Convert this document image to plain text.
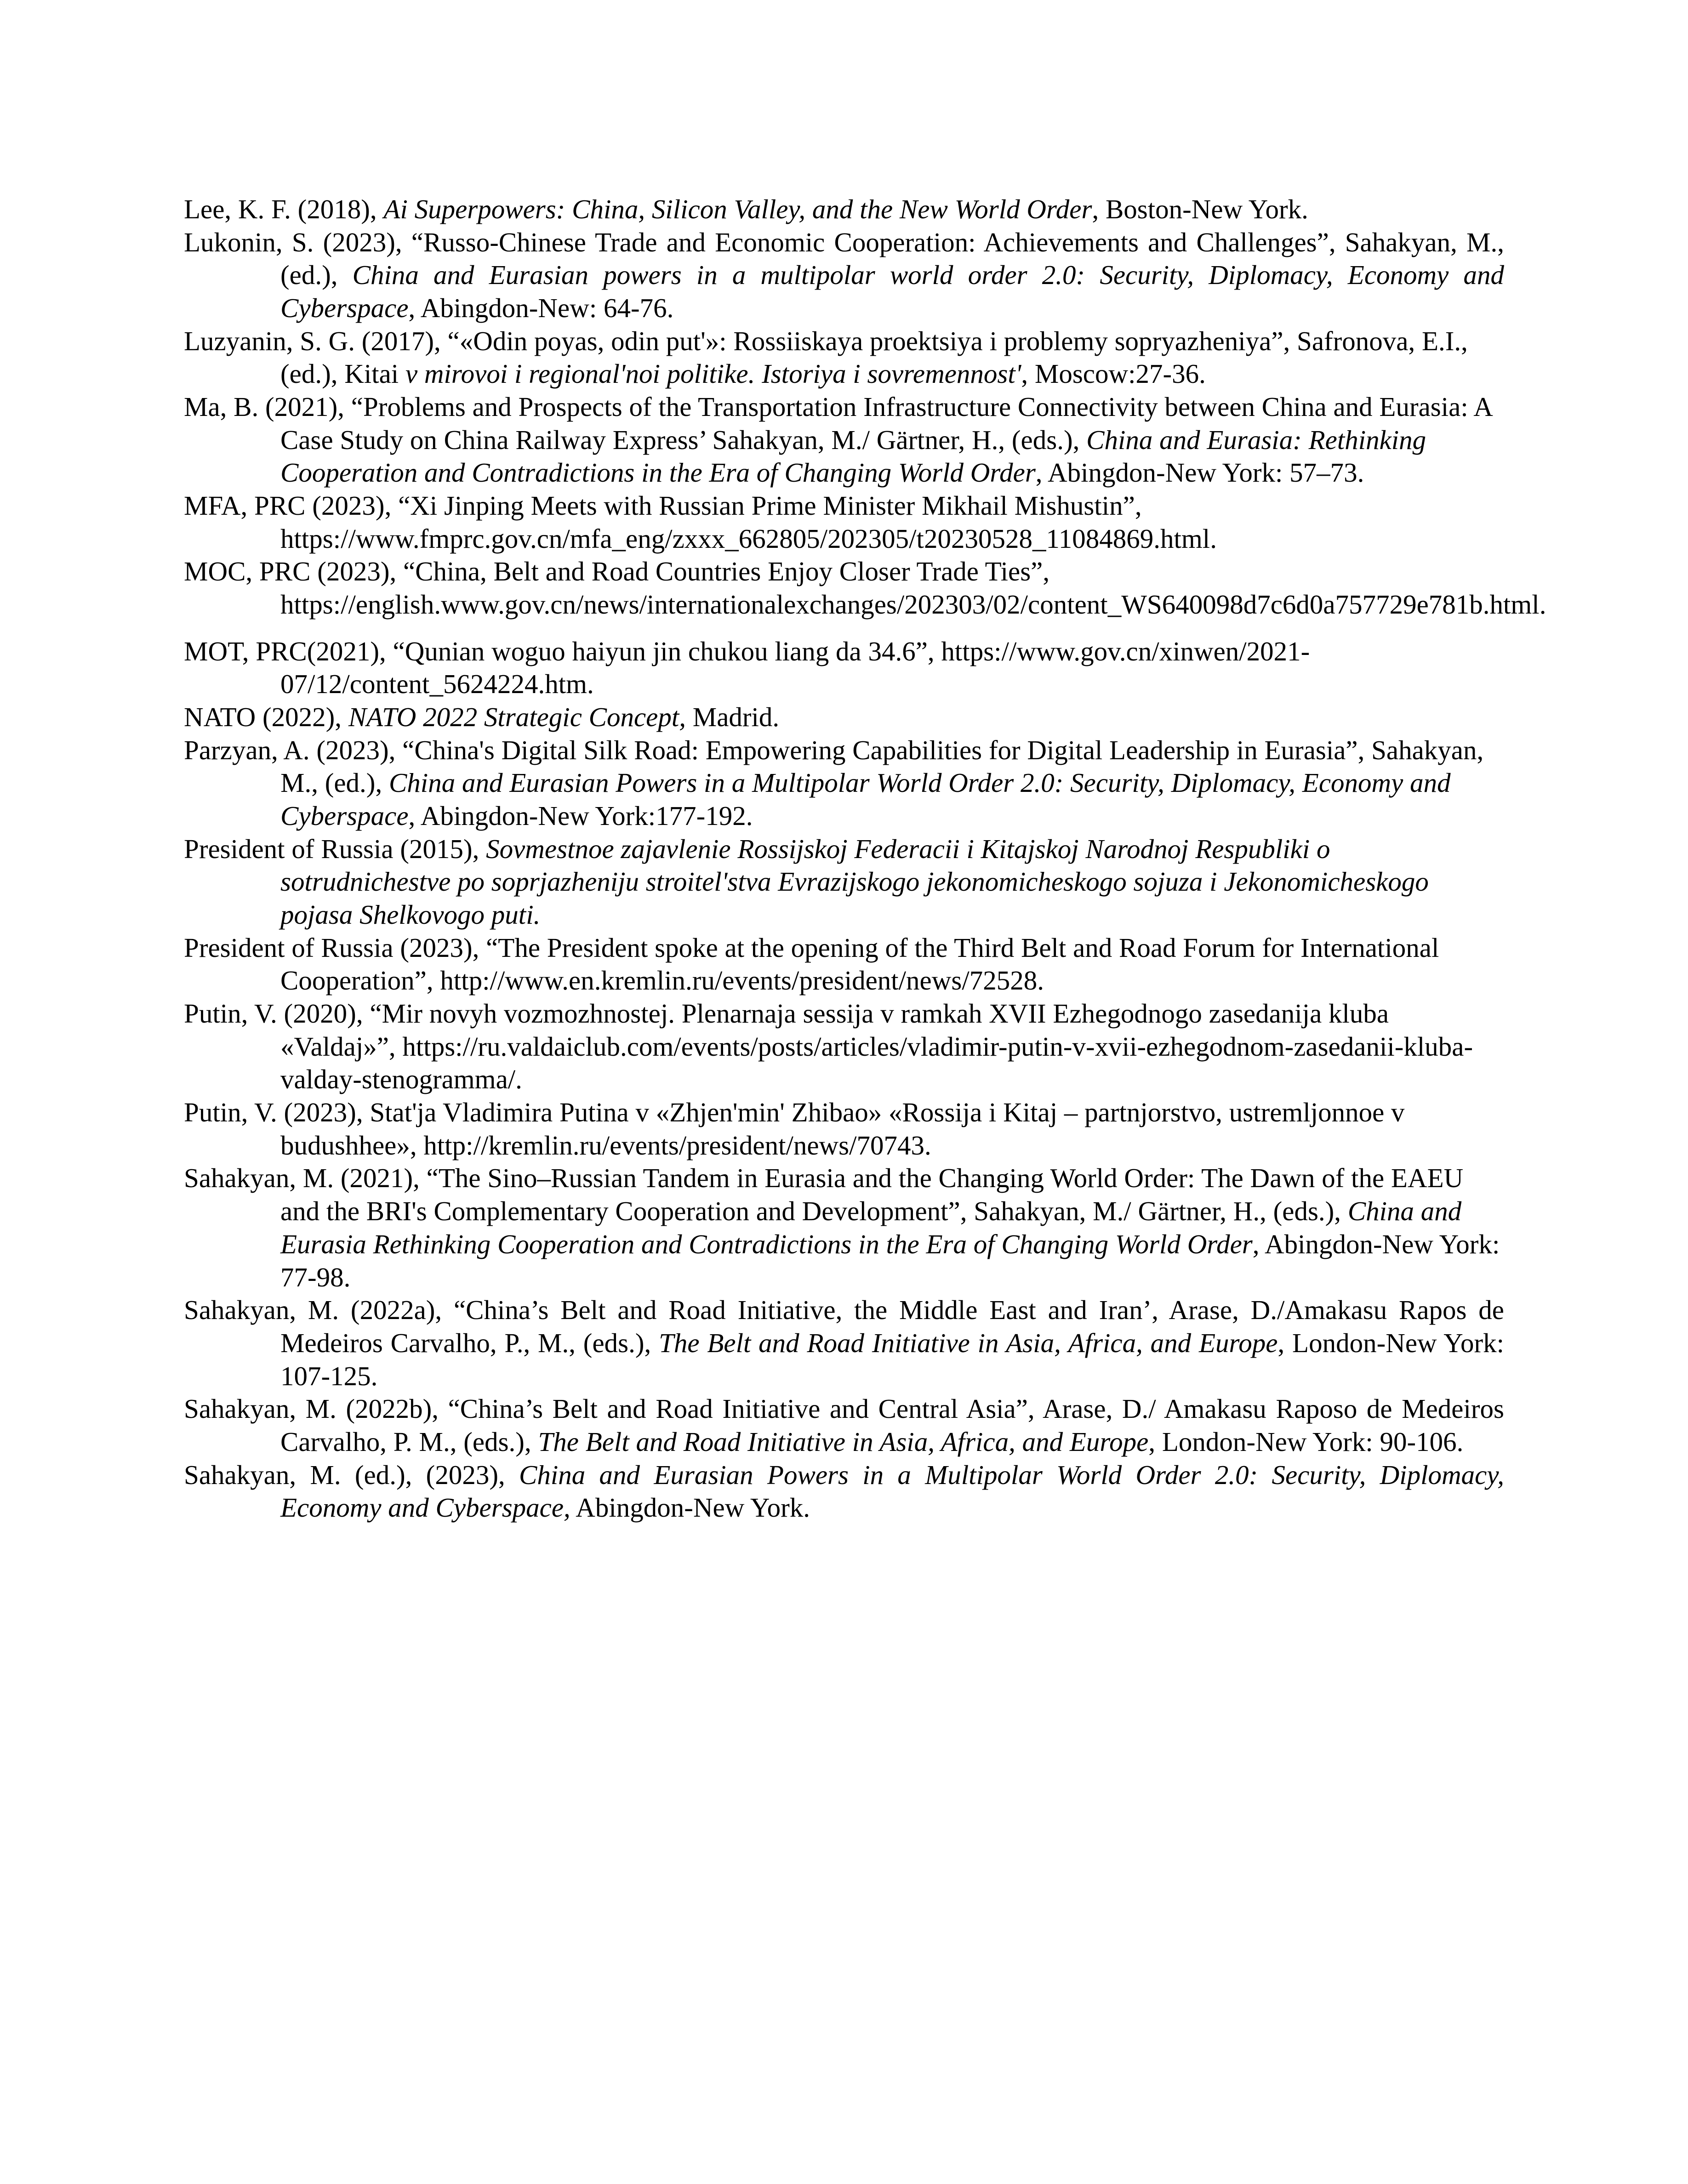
Lee, K. F. (2018), Ai Superpowers: China, Silicon Valley, and the New World Order, Boston-New York.

Lukonin, S. (2023), “Russo-Chinese Trade and Economic Cooperation: Achievements and Challenges”, Sahakyan, M., (ed.), China and Eurasian powers in a multipolar world order 2.0: Security, Diplomacy, Economy and Cyberspace, Abingdon-New: 64-76.

Luzyanin, S. G. (2017), “«Odin poyas, odin put'»: Rossiiskaya proektsiya i problemy sopryazheniya”, Safronova, E.I., (ed.), Kitai v mirovoi i regional'noi politike. Istoriya i sovremennost', Moscow:27-36.

Ma, B. (2021), “Problems and Prospects of the Transportation Infrastructure Connectivity between China and Eurasia: A Case Study on China Railway Express’ Sahakyan, M./ Gärtner, H., (eds.), China and Eurasia: Rethinking Cooperation and Contradictions in the Era of Changing World Order, Abingdon-New York: 57–73.

MFA, PRC (2023), “Xi Jinping Meets with Russian Prime Minister Mikhail Mishustin”, https://www.fmprc.gov.cn/mfa_eng/zxxx_662805/202305/t20230528_11084869.html.

MOC, PRC (2023), “China, Belt and Road Countries Enjoy Closer Trade Ties”, https://english.www.gov.cn/news/internationalexchanges/202303/02/content_WS640098d7c6d0a757729e781b.html.

MOT, PRC(2021), “Qunian woguo haiyun jin chukou liang da 34.6”, https://www.gov.cn/xinwen/2021-07/12/content_5624224.htm.

NATO (2022), NATO 2022 Strategic Concept, Madrid.

Parzyan, A. (2023), “China's Digital Silk Road: Empowering Capabilities for Digital Leadership in Eurasia”, Sahakyan, M., (ed.), China and Eurasian Powers in a Multipolar World Order 2.0: Security, Diplomacy, Economy and Cyberspace, Abingdon-New York:177-192.

President of Russia (2015), Sovmestnoe zajavlenie Rossijskoj Federacii i Kitajskoj Narodnoj Respubliki o sotrudnichestve po soprjazheniju stroitel'stva Evrazijskogo jekonomicheskogo sojuza i Jekonomicheskogo pojasa Shelkovogo puti.

President of Russia (2023), “The President spoke at the opening of the Third Belt and Road Forum for International Cooperation”, http://www.en.kremlin.ru/events/president/news/72528.

Putin, V. (2020), “Mir novyh vozmozhnostej. Plenarnaja sessija v ramkah XVII Ezhegodnogo zasedanija kluba «Valdaj»”, https://ru.valdaiclub.com/events/posts/articles/vladimir-putin-v-xvii-ezhegodnom-zasedanii-kluba-valday-stenogramma/.

Putin, V. (2023), Stat'ja Vladimira Putina v «Zhjen'min' Zhibao» «Rossija i Kitaj – partnjorstvo, ustremljonnoe v budushhee», http://kremlin.ru/events/president/news/70743.

Sahakyan, M. (2021), “The Sino–Russian Tandem in Eurasia and the Changing World Order: The Dawn of the EAEU and the BRI's Complementary Cooperation and Development”, Sahakyan, M./ Gärtner, H., (eds.), China and Eurasia Rethinking Cooperation and Contradictions in the Era of Changing World Order, Abingdon-New York: 77-98.

Sahakyan, M. (2022a), “China’s Belt and Road Initiative, the Middle East and Iran’, Arase, D./Amakasu Rapos de Medeiros Carvalho, P., M., (eds.), The Belt and Road Initiative in Asia, Africa, and Europe, London-New York: 107-125.

Sahakyan, M. (2022b), “China’s Belt and Road Initiative and Central Asia”, Arase, D./ Amakasu Raposo de Medeiros Carvalho, P. M., (eds.), The Belt and Road Initiative in Asia, Africa, and Europe, London-New York: 90-106.

Sahakyan, M. (ed.), (2023), China and Eurasian Powers in a Multipolar World Order 2.0: Security, Diplomacy, Economy and Cyberspace, Abingdon-New York.
